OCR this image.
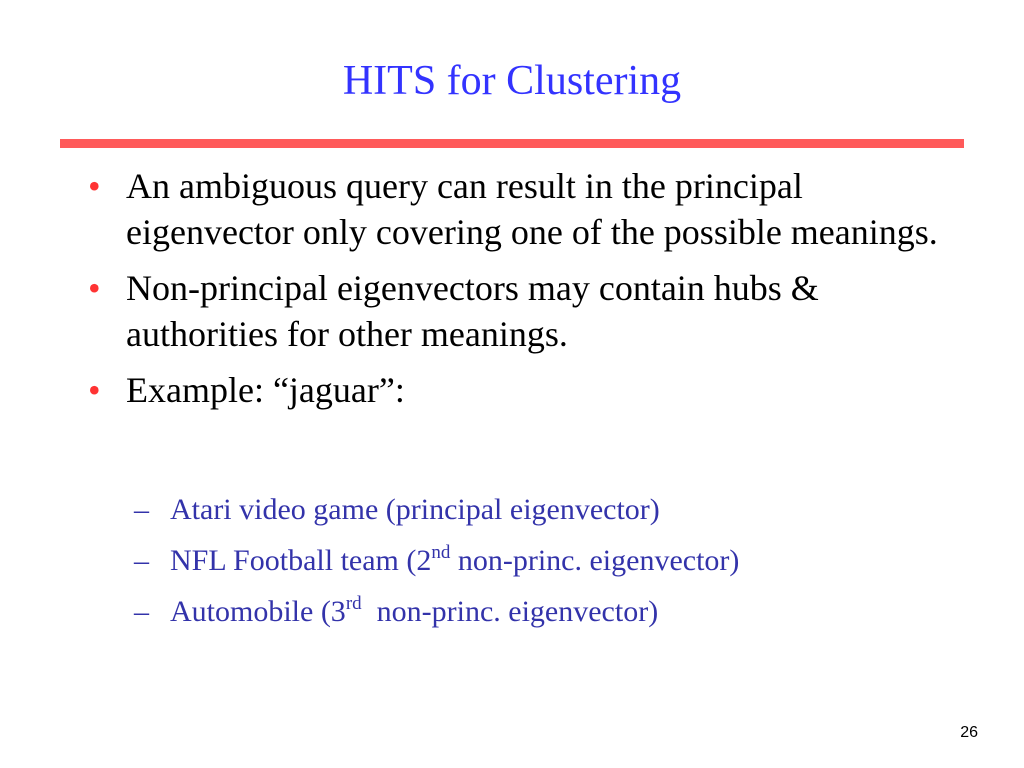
HITS for Clustering
• An ambiguous query can result in the principal eigenvector only covering one of the possible meanings.
• Non-principal eigenvectors may contain hubs & authorities for other meanings.
• Example: “jaguar”:
– Atari video game (principal eigenvector)
– NFL Football team (2nd non-princ. eigenvector)
– Automobile (3rd  non-princ. eigenvector)
26
